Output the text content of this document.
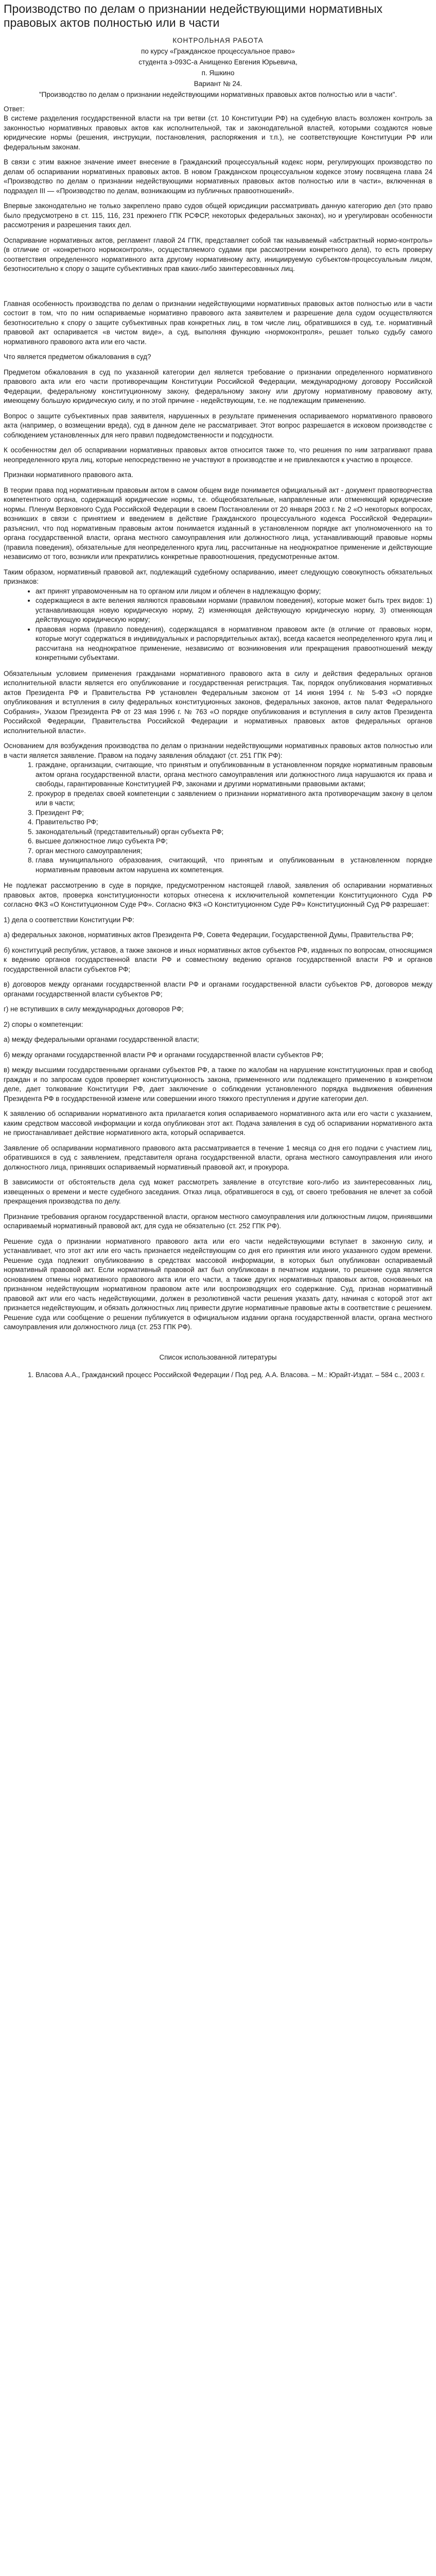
Производство по делам о признании недействующими нормативных правовых актов полностью или в части
КОНТРОЛЬНАЯ РАБОТА
по курсу «Гражданское процессуальное право»
студента з-093С-а Анищенко Евгения Юрьевича,
п. Яшкино
Вариант № 24.
"Производство по делам о признании недействующими нормативных правовых актов полностью или в части".
Ответ:

В системе разделения государственной власти на три ветви (ст. 10 Конституции РФ) на судебную власть возложен контроль за законностью нормативных правовых актов как исполнительной, так и законодательной властей, которыми создаются новые юридические нормы (решения, инструкции, постановления, распоряжения и т.п.), не соответствующие Конституции РФ или федеральным законам.

В связи с этим важное значение имеет внесение в Гражданский процессуальный кодекс норм, регулирующих производство по делам об оспаривании нормативных правовых актов. В новом Гражданском процессуальном кодексе этому посвящена глава 24 «Производство по делам о признании недействующими нормативных правовых актов полностью или в части», включенная в подраздел III — «Производство по делам, возникающим из публичных правоотношений».

Впервые законодательно не только закреплено право судов общей юрисдикции рассматривать данную категорию дел (это право было предусмотрено в ст. 115, 116, 231 прежнего ГПК РСФСР, некоторых федеральных законах), но и урегулирован особенности рассмотрения и разрешения таких дел.

Оспаривание нормативных актов, регламент главой 24 ГПК, представляет собой так называемый «абстрактный нормо-контроль» (в отличие от «конкретного нормоконтроля», осуществляемого судами при рассмотрении конкретного дела), то есть проверку соответствия определенного нормативного акта другому нормативному акту, инициируемую субъектом-процессуальным лицом, безотносительно к спору о защите субъективных прав каких-либо заинтересованных лиц.

Главная особенность производства по делам о признании недействующими нормативных правовых актов полностью или в части состоит в том, что по ним оспариваемые нормативно правового акта заявителем и разрешение дела судом осуществляются безотносительно к спору о защите субъективных прав конкретных лиц, в том числе лиц, обратившихся в суд, т.е. нормативный правовой акт оспаривается «в чистом виде», а суд, выполняя функцию «нормоконтроля», решает только судьбу самого нормативного правового акта или его части.

Что является предметом обжалования в суд?

Предметом обжалования в суд по указанной категории дел является требование о признании определенного нормативного правового акта или его части противоречащим Конституции Российской Федерации, международному договору Российской Федерации, федеральному конституционному закону, федеральному закону или другому нормативному правовому акту, имеющему большую юридическую силу, и по этой причине - недействующим, т.е. не подлежащим применению.

Вопрос о защите субъективных прав заявителя, нарушенных в результате применения оспариваемого нормативного правового акта (например, о возмещении вреда), суд в данном деле не рассматривает. Этот вопрос разрешается в исковом производстве с соблюдением установленных для него правил подведомственности и подсудности.

К особенностям дел об оспаривании нормативных правовых актов относится также то, что решения по ним затрагивают права неопределенного круга лиц, которые непосредственно не участвуют в производстве и не привлекаются к участию в процессе.

Признаки нормативного правового акта.

В теории права под нормативным правовым актом в самом общем виде понимается официальный акт - документ правотворчества компетентного органа, содержащий юридические нормы, т.е. общеобязательные, направленные или отменяющий юридические нормы. Пленум Верховного Суда Российской Федерации в своем Постановлении от 20 января 2003 г. № 2 «О некоторых вопросах, возникших в связи с принятием и введением в действие Гражданского процессуального кодекса Российской Федерации» разъяснил, что под нормативным правовым актом понимается изданный в установленном порядке акт уполномоченного на то органа государственной власти, органа местного самоуправления или должностного лица, устанавливающий правовые нормы (правила поведения), обязательные для неопределенного круга лиц, рассчитанные на неоднократное применение и действующие независимо от того, возникли или прекратились конкретные правоотношения, предусмотренные актом.

Таким образом, нормативный правовой акт, подлежащий судебному оспариванию, имеет следующую совокупность обязательных признаков:

• акт принят управомоченным на то органом или лицом и облечен в надлежащую форму;
• содержащиеся в акте веления являются правовыми нормами (правилом поведения), которые может быть трех видов: 1) устанавливающая новую юридическую норму, 2) изменяющая действующую юридическую норму, 3) отменяющая действующую юридическую норму;
• правовая норма (правило поведения), содержащаяся в нормативном правовом акте (в отличие от правовых норм, которые могут содержаться в индивидуальных и распорядительных актах), всегда касается неопределенного круга лиц и рассчитана на неоднократное применение, независимо от возникновения или прекращения правоотношений между конкретными субъектами.

Обязательным условием применения гражданами нормативного правового акта в силу и действия федеральных органов исполнительной власти является его опубликование и государственная регистрация. Так, порядок опубликования нормативных актов Президента РФ и Правительства РФ установлен Федеральным законом от 14 июня 1994 г. № 5-ФЗ «О порядке опубликования и вступления в силу федеральных конституционных законов, федеральных законов, актов палат Федерального Собрания», Указом Президента РФ от 23 мая 1996 г. № 763 «О порядке опубликования и вступления в силу актов Президента Российской Федерации, Правительства Российской Федерации и нормативных правовых актов федеральных органов исполнительной власти».

Основанием для возбуждения производства по делам о признании недействующими нормативных правовых актов полностью или в части является заявление. Правом на подачу заявления обладают (ст. 251 ГПК РФ):

1. граждане, организации, считающие, что принятым и опубликованным в установленном порядке нормативным правовым актом органа государственной власти, органа местного самоуправления или должностного лица нарушаются их права и свободы, гарантированные Конституцией РФ, законами и другими нормативными правовыми актами;
2. прокурор в пределах своей компетенции с заявлением о признании нормативного акта противоречащим закону в целом или в части;
3. Президент РФ;
4. Правительство РФ;
5. законодательный (представительный) орган субъекта РФ;
6. высшее должностное лицо субъекта РФ;
7. орган местного самоуправления;
8. глава муниципального образования, считающий, что принятым и опубликованным в установленном порядке нормативным правовым актом нарушена их компетенция.

Не подлежат рассмотрению в суде в порядке, предусмотренном настоящей главой, заявления об оспаривании нормативных правовых актов, проверка конституционности которых отнесена к исключительной компетенции Конституционного Суда РФ согласно ФКЗ «О Конституционном Суде РФ». Согласно ФКЗ «О Конституционном Суде РФ» Конституционный Суд РФ разрешает:

1) дела о соответствии Конституции РФ:

а) федеральных законов, нормативных актов Президента РФ, Совета Федерации, Государственной Думы, Правительства РФ;

б) конституций республик, уставов, а также законов и иных нормативных актов субъектов РФ, изданных по вопросам, относящимся к ведению органов государственной власти РФ и совместному ведению органов государственной власти РФ и органов государственной власти субъектов РФ;

в) договоров между органами государственной власти РФ и органами государственной власти субъектов РФ, договоров между органами государственной власти субъектов РФ;

г) не вступивших в силу международных договоров РФ;

2) споры о компетенции:

а) между федеральными органами государственной власти;

б) между органами государственной власти РФ и органами государственной власти субъектов РФ;

в) между высшими государственными органами субъектов РФ, а также по жалобам на нарушение конституционных прав и свобод граждан и по запросам судов проверяет конституционность закона, примененного или подлежащего применению в конкретном деле, дает толкование Конституции РФ, дает заключение о соблюдении установленного порядка выдвижения обвинения Президента РФ в государственной измене или совершении иного тяжкого преступления и другие категории дел.

К заявлению об оспаривании нормативного акта прилагается копия оспариваемого нормативного акта или его части с указанием, каким средством массовой информации и когда опубликован этот акт. Подача заявления в суд об оспаривании нормативного акта не приостанавливает действие нормативного акта, который оспаривается.

Заявление об оспаривании нормативного правового акта рассматривается в течение 1 месяца со дня его подачи с участием лиц, обратившихся в суд с заявлением, представителя органа государственной власти, органа местного самоуправления или иного должностного лица, принявших оспариваемый нормативный правовой акт, и прокурора.

В зависимости от обстоятельств дела суд может рассмотреть заявление в отсутствие кого-либо из заинтересованных лиц, извещенных о времени и месте судебного заседания. Отказ лица, обратившегося в суд, от своего требования не влечет за собой прекращения производства по делу.

Признание требования органом государственной власти, органом местного самоуправления или должностным лицом, принявшими оспариваемый нормативный правовой акт, для суда не обязательно (ст. 252 ГПК РФ).

Решение суда о признании нормативного правового акта или его части недействующими вступает в законную силу, и устанавливает, что этот акт или его часть признается недействующим со дня его принятия или иного указанного судом времени. Решение суда подлежит опубликованию в средствах массовой информации, в которых был опубликован оспариваемый нормативный правовой акт. Если нормативный правовой акт был опубликован в печатном издании, то решение суда является основанием отмены нормативного правового акта или его части, а также других нормативных правовых актов, основанных на признанном недействующим нормативном правовом акте или воспроизводящих его содержание. Суд, признав нормативный правовой акт или его часть недействующими, должен в резолютивной части решения указать дату, начиная с которой этот акт признается недействующим, и обязать должностных лиц привести другие нормативные правовые акты в соответствие с решением. Решение суда или сообщение о решении публикуется в официальном издании органа государственной власти, органа местного самоуправления или должностного лица (ст. 253 ГПК РФ).

Список использованной литературы
1. Власова А.А., Гражданский процесс Российской Федерации / Под ред. А.А. Власова. – М.: Юрайт-Издат. – 584 с., 2003 г.
